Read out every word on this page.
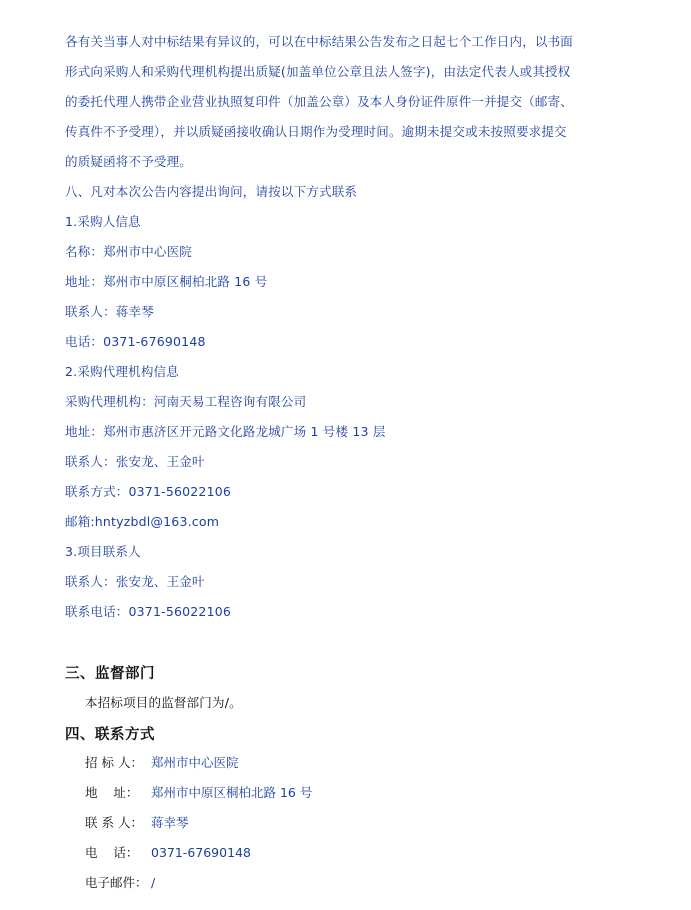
各有关当事人对中标结果有异议的，可以在中标结果公告发布之日起七个工作日内，以书面
形式向采购人和采购代理机构提出质疑(加盖单位公章且法人签字)，由法定代表人或其授权
的委托代理人携带企业营业执照复印件（加盖公章）及本人身份证件原件一并提交（邮寄、
传真件不予受理），并以质疑函接收确认日期作为受理时间。逾期未提交或未按照要求提交
的质疑函将不予受理。
八、凡对本次公告内容提出询问，请按以下方式联系
1.采购人信息
名称：郑州市中心医院
地址：郑州市中原区桐柏北路 16 号
联系人：蒋幸琴
电话：0371-67690148
2.采购代理机构信息
采购代理机构：河南天易工程咨询有限公司
地址：郑州市惠济区开元路文化路龙城广场 1 号楼 13 层
联系人：张安龙、王金叶
联系方式：0371-56022106
邮箱:hntyzbdl@163.com
3.项目联系人
联系人：张安龙、王金叶
联系电话：0371-56022106
三、监督部门
本招标项目的监督部门为/。
四、联系方式
招 标 人： 郑州市中心医院
地    址： 郑州市中原区桐柏北路 16 号
联 系 人： 蒋幸琴
电    话： 0371-67690148
电子邮件： /
